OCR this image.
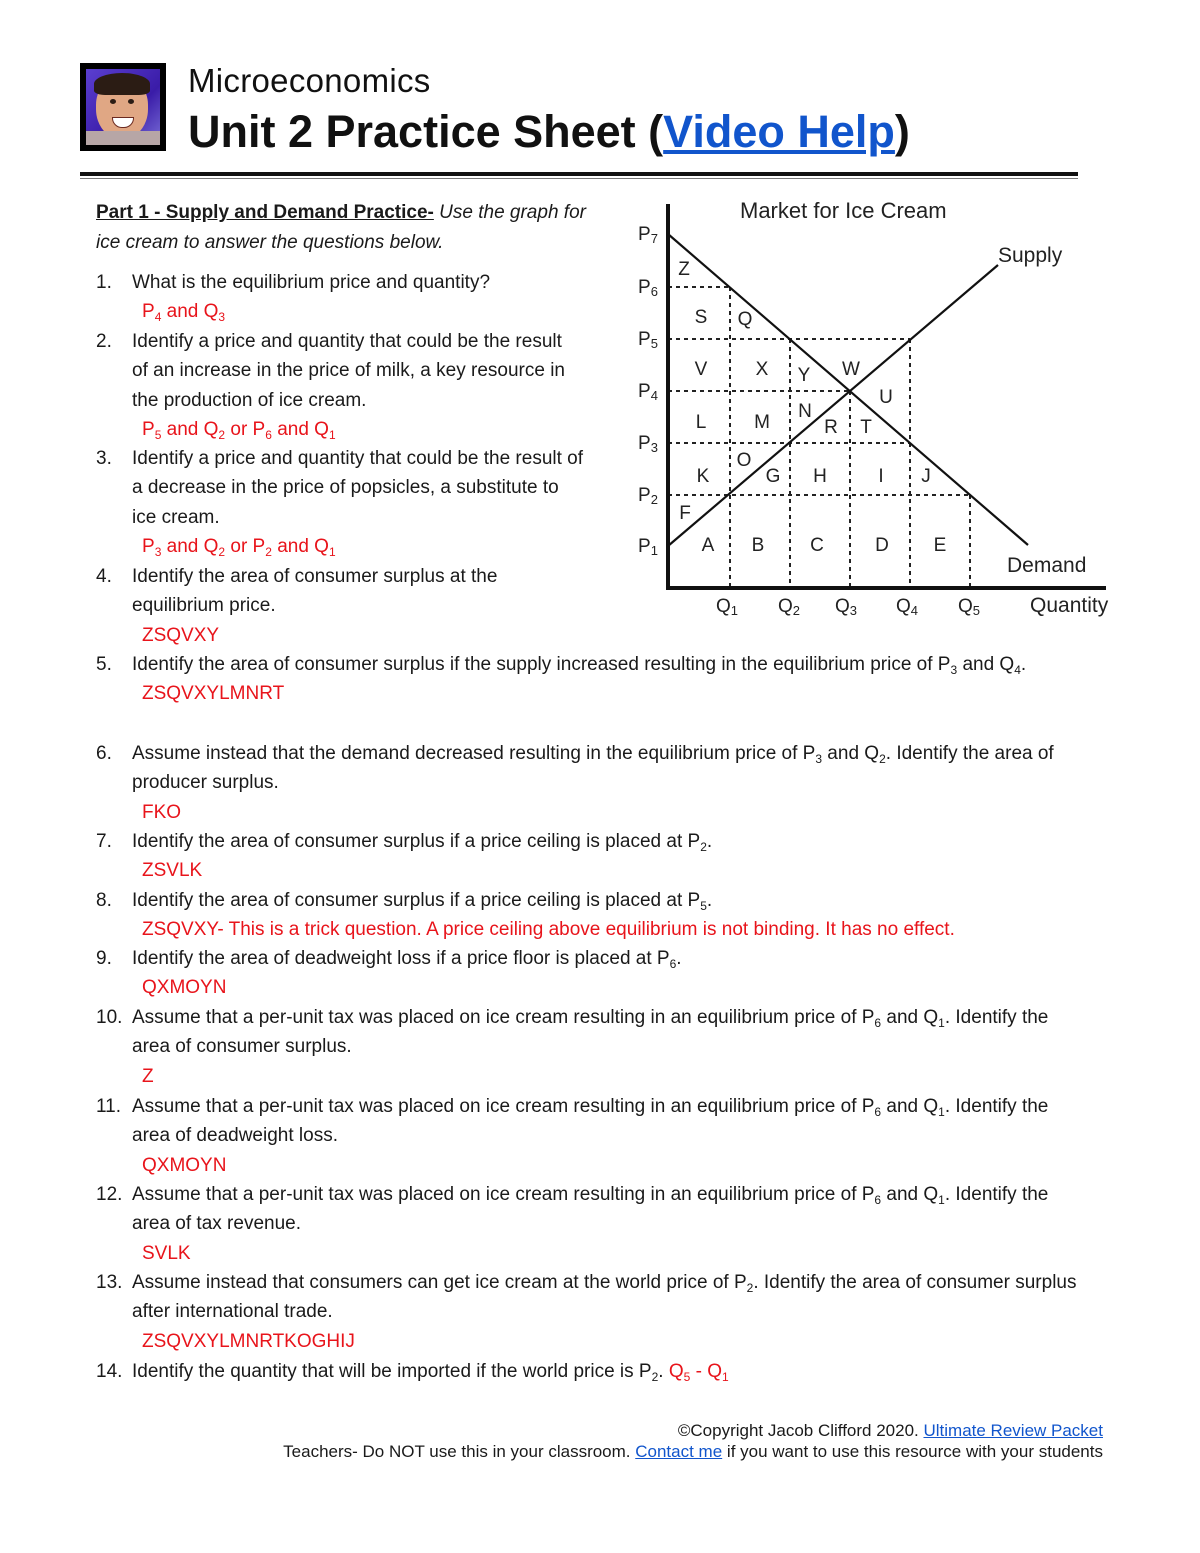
Microeconomics
Unit 2 Practice Sheet (Video Help)
Part 1 - Supply and Demand Practice- Use the graph for ice cream to answer the questions below.
Market for Ice Cream
Supply
Demand
P7
P6
P5
P4
P3
P2
P1
Q1 Q2 Q3 Q4 Q5 Quantity
Z
S Q
V	X Y W
U
L	M
N
R T
K
O
G H	I J
F
A B C	D E
1.	What is the equilibrium price and quantity?
$P_4$ and $Q_3$
2.	Identify a price and quantity that could be the result of an increase in the price of milk, a key resource in the production of ice cream.
$P_5$ and $Q_2$ or $P_6$ and $Q_1$
3.	Identify a price and quantity that could be the result of a decrease in the price of popsicles, a substitute to ice cream.
$P_3$ and $Q_2$ or $P_2$ and $Q_1$
4.	Identify the area of consumer surplus at the equilibrium price.
ZSQVXY
5.	Identify the area of consumer surplus if the supply increased resulting in the equilibrium price of $P_3$ and $Q_4$.
ZSQVXYLMNRT
6.	Assume instead that the demand decreased resulting in the equilibrium price of $P_3$ and $Q_2$. Identify the area of producer surplus.
FKO
7.	Identify the area of consumer surplus if a price ceiling is placed at $P_2$.
ZSVLK
8.	Identify the area of consumer surplus if a price ceiling is placed at $P_5$.
ZSQVXY- This is a trick question. A price ceiling above equilibrium is not binding. It has no effect.
9.	Identify the area of deadweight loss if a price floor is placed at $P_6$.
QXMOYN
10. Assume that a per-unit tax was placed on ice cream resulting in an equilibrium price of $P_6$ and $Q_1$. Identify the area of consumer surplus.
Z
11. Assume that a per-unit tax was placed on ice cream resulting in an equilibrium price of $P_6$ and $Q_1$. Identify the area of deadweight loss.
QXMOYN
12. Assume that a per-unit tax was placed on ice cream resulting in an equilibrium price of $P_6$ and $Q_1$. Identify the area of tax revenue.
SVLK
13. Assume instead that consumers can get ice cream at the world price of $P_2$. Identify the area of consumer surplus after international trade.
ZSQVXYLMNRTKOGHIJ
14. Identify the quantity that will be imported if the world price is $P_2$. $Q_5 - Q_1$
©Copyright Jacob Clifford 2020. Ultimate Review Packet
Teachers- Do NOT use this in your classroom. Contact me if you want to use this resource with your students
